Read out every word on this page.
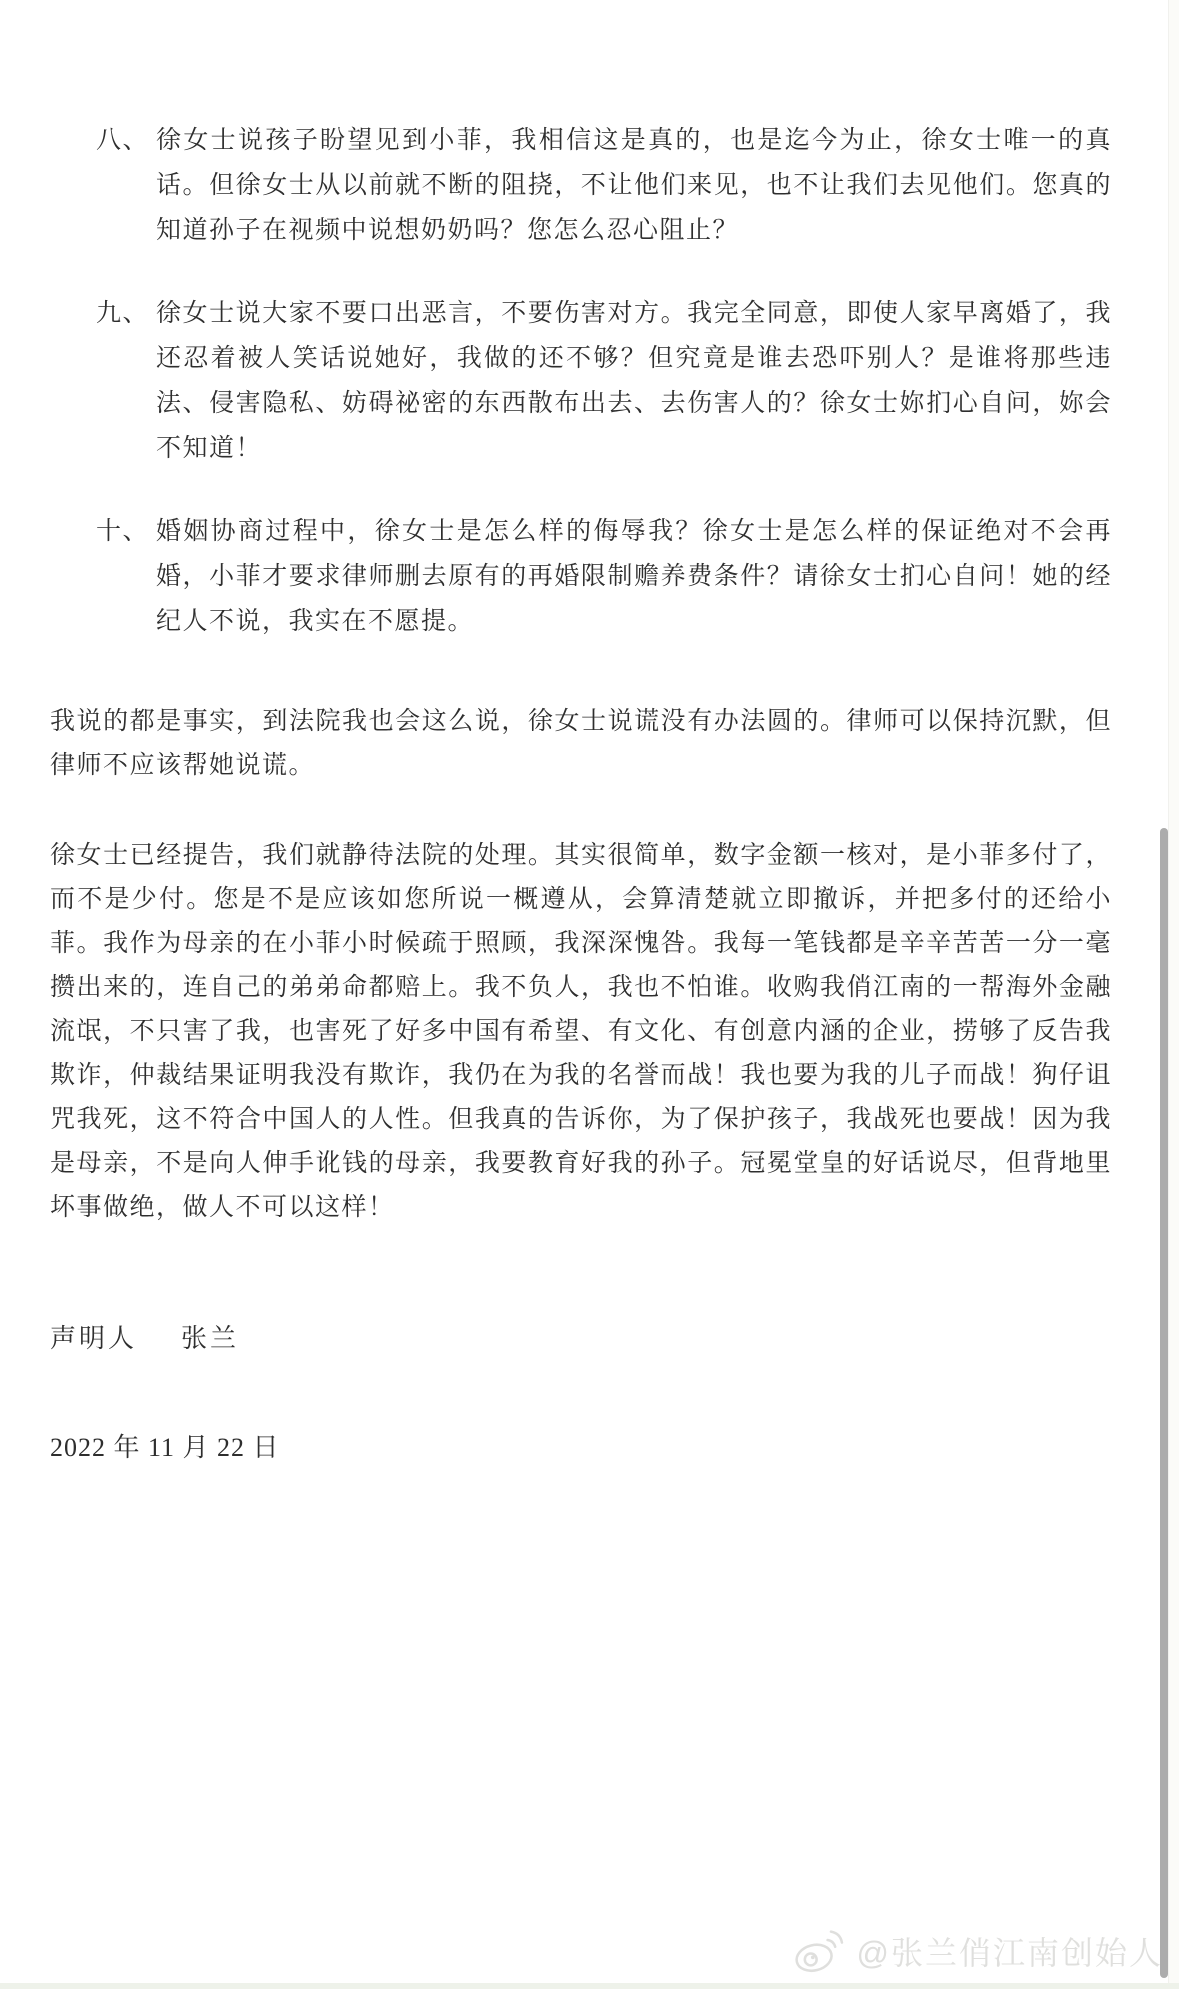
八、 徐女士说孩子盼望见到小菲，我相信这是真的，也是迄今为止，徐女士唯一的真话。但徐女士从以前就不断的阻挠，不让他们来见，也不让我们去见他们。您真的知道孙子在视频中说想奶奶吗？您怎么忍心阻止？
九、 徐女士说大家不要口出恶言，不要伤害对方。我完全同意，即使人家早离婚了，我还忍着被人笑话说她好，我做的还不够？但究竟是谁去恐吓别人？是谁将那些违法、侵害隐私、妨碍祕密的东西散布出去、去伤害人的？徐女士妳扪心自问，妳会不知道！
十、 婚姻协商过程中，徐女士是怎么样的侮辱我？徐女士是怎么样的保证绝对不会再婚，小菲才要求律师删去原有的再婚限制赡养费条件？请徐女士扪心自问！她的经纪人不说，我实在不愿提。
我说的都是事实，到法院我也会这么说，徐女士说谎没有办法圆的。律师可以保持沉默，但律师不应该帮她说谎。
徐女士已经提告，我们就静待法院的处理。其实很简单，数字金额一核对，是小菲多付了，而不是少付。您是不是应该如您所说一概遵从，会算清楚就立即撤诉，并把多付的还给小菲。我作为母亲的在小菲小时候疏于照顾，我深深愧咎。我每一笔钱都是辛辛苦苦一分一毫攒出来的，连自己的弟弟命都赔上。我不负人，我也不怕谁。收购我俏江南的一帮海外金融流氓，不只害了我，也害死了好多中国有希望、有文化、有创意内涵的企业，捞够了反告我欺诈，仲裁结果证明我没有欺诈，我仍在为我的名誉而战！我也要为我的儿子而战！狗仔诅咒我死，这不符合中国人的人性。但我真的告诉你，为了保护孩子，我战死也要战！因为我是母亲，不是向人伸手讹钱的母亲，我要教育好我的孙子。冠冕堂皇的好话说尽，但背地里坏事做绝，做人不可以这样！
声明人 张兰
2022 年 11 月 22 日
@张兰俏江南创始人
